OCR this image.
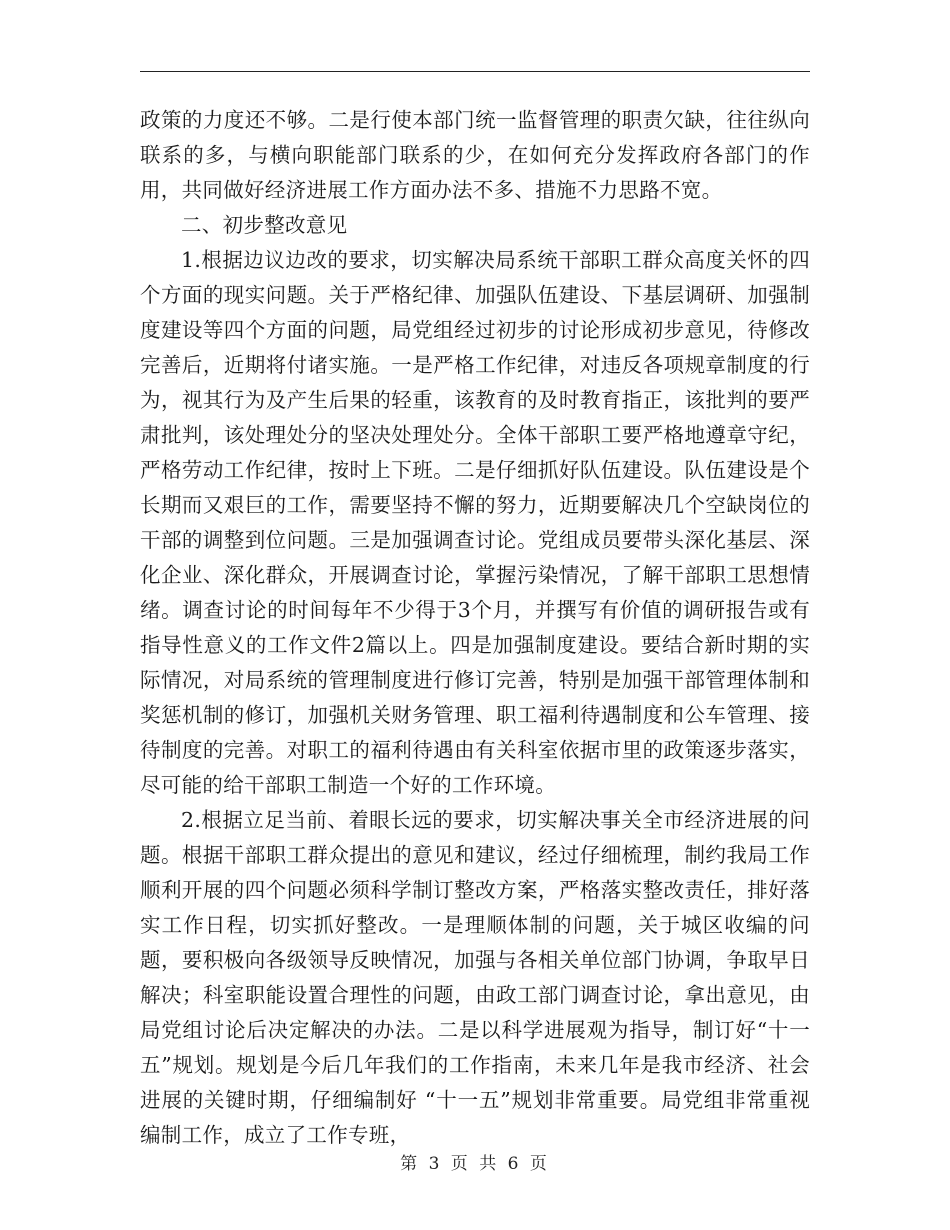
政策的力度还不够。二是行使本部门统一监督管理的职责欠缺，往往纵向联系的多，与横向职能部门联系的少，在如何充分发挥政府各部门的作用，共同做好经济进展工作方面办法不多、措施不力思路不宽。

二、初步整改意见

1.根据边议边改的要求，切实解决局系统干部职工群众高度关怀的四个方面的现实问题。关于严格纪律、加强队伍建设、下基层调研、加强制度建设等四个方面的问题，局党组经过初步的讨论形成初步意见，待修改完善后，近期将付诸实施。一是严格工作纪律，对违反各项规章制度的行为，视其行为及产生后果的轻重，该教育的及时教育指正，该批判的要严肃批判，该处理处分的坚决处理处分。全体干部职工要严格地遵章守纪，严格劳动工作纪律，按时上下班。二是仔细抓好队伍建设。队伍建设是个长期而又艰巨的工作，需要坚持不懈的努力，近期要解决几个空缺岗位的干部的调整到位问题。三是加强调查讨论。党组成员要带头深化基层、深化企业、深化群众，开展调查讨论，掌握污染情况，了解干部职工思想情绪。调查讨论的时间每年不少得于3个月，并撰写有价值的调研报告或有指导性意义的工作文件2篇以上。四是加强制度建设。要结合新时期的实际情况，对局系统的管理制度进行修订完善，特别是加强干部管理体制和奖惩机制的修订，加强机关财务管理、职工福利待遇制度和公车管理、接待制度的完善。对职工的福利待遇由有关科室依据市里的政策逐步落实，尽可能的给干部职工制造一个好的工作环境。

2.根据立足当前、着眼长远的要求，切实解决事关全市经济进展的问题。根据干部职工群众提出的意见和建议，经过仔细梳理，制约我局工作顺利开展的四个问题必须科学制订整改方案，严格落实整改责任，排好落实工作日程，切实抓好整改。一是理顺体制的问题，关于城区收编的问题，要积极向各级领导反映情况，加强与各相关单位部门协调，争取早日解决；科室职能设置合理性的问题，由政工部门调查讨论，拿出意见，由局党组讨论后决定解决的办法。二是以科学进展观为指导，制订好“十一五”规划。规划是今后几年我们的工作指南，未来几年是我市经济、社会进展的关键时期，仔细编制好 “十一五”规划非常重要。局党组非常重视编制工作，成立了工作专班，

第 3 页 共 6 页
